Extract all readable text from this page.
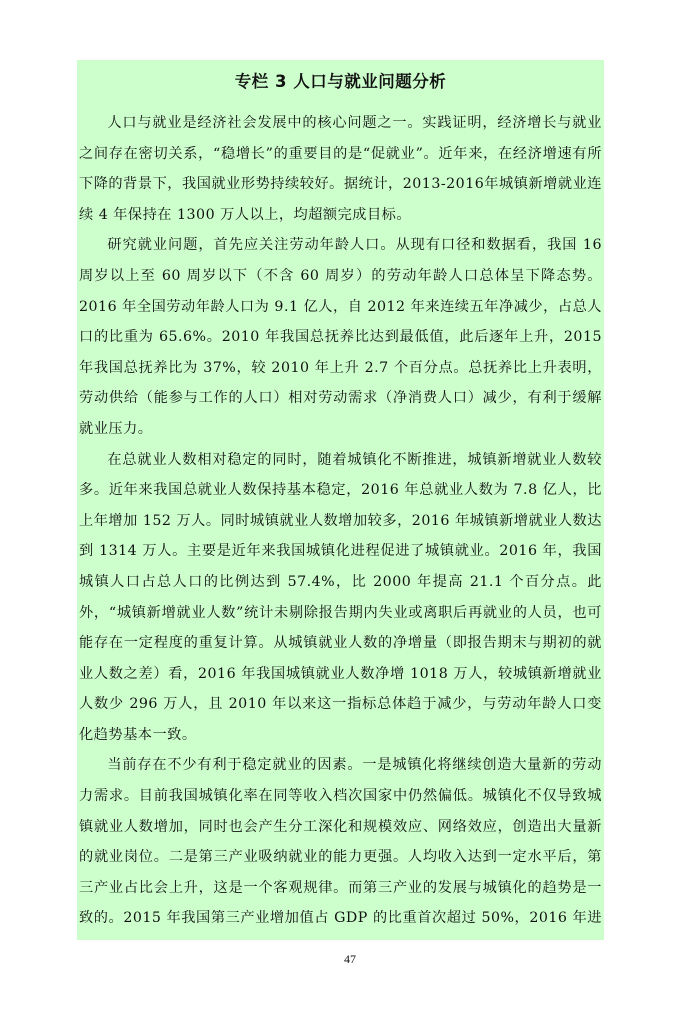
专栏 3 人口与就业问题分析

人口与就业是经济社会发展中的核心问题之一。实践证明，经济增长与就业之间存在密切关系，“稳增长”的重要目的是“促就业”。近年来，在经济增速有所下降的背景下，我国就业形势持续较好。据统计，2013-2016年城镇新增就业连续 4 年保持在 1300 万人以上，均超额完成目标。

研究就业问题，首先应关注劳动年龄人口。从现有口径和数据看，我国 16 周岁以上至 60 周岁以下（不含 60 周岁）的劳动年龄人口总体呈下降态势。2016 年全国劳动年龄人口为 9.1 亿人，自 2012 年来连续五年净减少，占总人口的比重为 65.6%。2010 年我国总抚养比达到最低值，此后逐年上升，2015 年我国总抚养比为 37%，较 2010 年上升 2.7 个百分点。总抚养比上升表明，劳动供给（能参与工作的人口）相对劳动需求（净消费人口）减少，有利于缓解就业压力。

在总就业人数相对稳定的同时，随着城镇化不断推进，城镇新增就业人数较多。近年来我国总就业人数保持基本稳定，2016 年总就业人数为 7.8 亿人，比上年增加 152 万人。同时城镇就业人数增加较多，2016 年城镇新增就业人数达到 1314 万人。主要是近年来我国城镇化进程促进了城镇就业。2016 年，我国城镇人口占总人口的比例达到 57.4%，比 2000 年提高 21.1 个百分点。此外，“城镇新增就业人数”统计未剔除报告期内失业或离职后再就业的人员，也可能存在一定程度的重复计算。从城镇就业人数的净增量（即报告期末与期初的就业人数之差）看，2016 年我国城镇就业人数净增 1018 万人，较城镇新增就业人数少 296 万人，且 2010 年以来这一指标总体趋于减少，与劳动年龄人口变化趋势基本一致。

当前存在不少有利于稳定就业的因素。一是城镇化将继续创造大量新的劳动力需求。目前我国城镇化率在同等收入档次国家中仍然偏低。城镇化不仅导致城镇就业人数增加，同时也会产生分工深化和规模效应、网络效应，创造出大量新的就业岗位。二是第三产业吸纳就业的能力更强。人均收入达到一定水平后，第三产业占比会上升，这是一个客观规律。而第三产业的发展与城镇化的趋势是一致的。2015 年我国第三产业增加值占 GDP 的比重首次超过 50%，2016 年进

47
